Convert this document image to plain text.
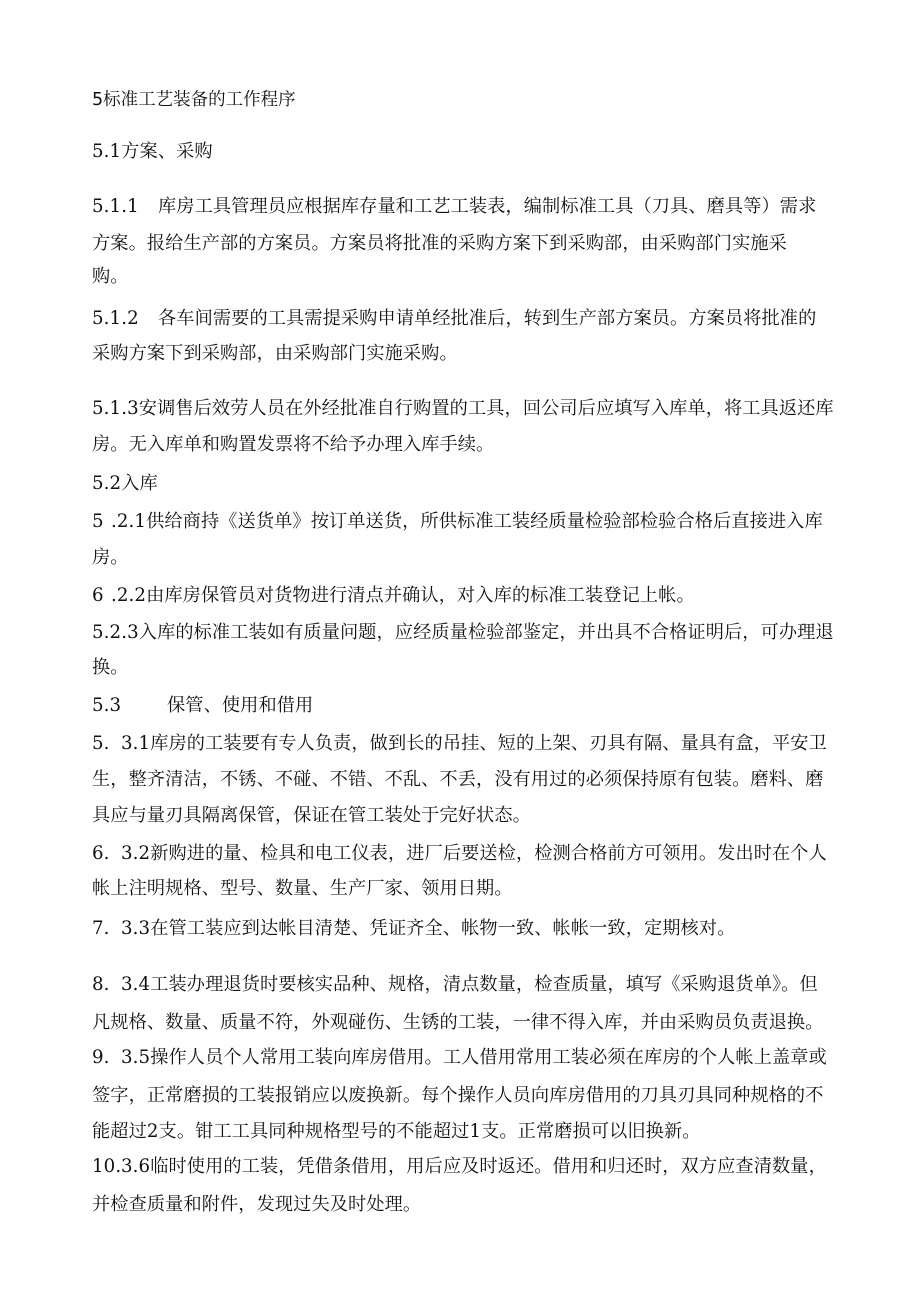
5标准工艺装备的工作程序

5.1方案、采购

5.1.1 库房工具管理员应根据库存量和工艺工装表，编制标准工具（刀具、磨具等）需求

方案。报给生产部的方案员。方案员将批准的采购方案下到采购部，由采购部门实施采

购。

5.1.2 各车间需要的工具需提采购申请单经批准后，转到生产部方案员。方案员将批准的

采购方案下到采购部，由采购部门实施采购。

5.1.3安调售后效劳人员在外经批准自行购置的工具，回公司后应填写入库单，将工具返还库

房。无入库单和购置发票将不给予办理入库手续。

5.2入库

5 .2.1供给商持《送货单》按订单送货，所供标准工装经质量检验部检验合格后直接进入库

房。

6 .2.2由库房保管员对货物进行清点并确认，对入库的标准工装登记上帐。

5.2.3入库的标准工装如有质量问题，应经质量检验部鉴定，并出具不合格证明后，可办理退

换。

5.3	保管、使用和借用

5. 3.1库房的工装要有专人负责，做到长的吊挂、短的上架、刃具有隔、量具有盒，平安卫

生，整齐清洁，不锈、不碰、不错、不乱、不丢，没有用过的必须保持原有包装。磨料、磨

具应与量刃具隔离保管，保证在管工装处于完好状态。

6. 3.2新购进的量、检具和电工仪表，进厂后要送检，检测合格前方可领用。发出时在个人

帐上注明规格、型号、数量、生产厂家、领用日期。

7. 3.3在管工装应到达帐目清楚、凭证齐全、帐物一致、帐帐一致，定期核对。

8. 3.4工装办理退货时要核实品种、规格，清点数量，检查质量，填写《采购退货单》。但

凡规格、数量、质量不符，外观碰伤、生锈的工装，一律不得入库，并由采购员负责退换。

9. 3.5操作人员个人常用工装向库房借用。工人借用常用工装必须在库房的个人帐上盖章或

签字，正常磨损的工装报销应以废换新。每个操作人员向库房借用的刀具刃具同种规格的不

能超过2支。钳工工具同种规格型号的不能超过1支。正常磨损可以旧换新。

10.3.6临时使用的工装，凭借条借用，用后应及时返还。借用和归还时，双方应查清数量，

并检查质量和附件，发现过失及时处理。
